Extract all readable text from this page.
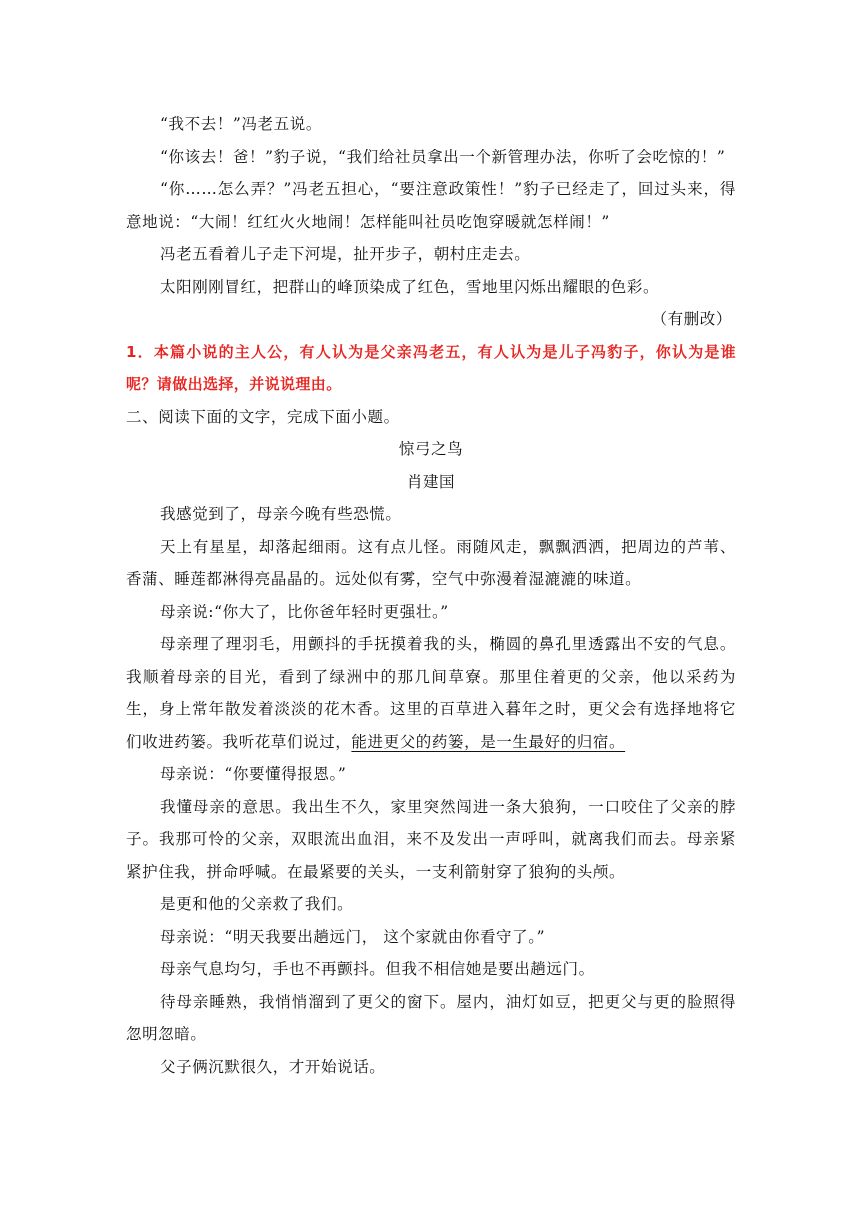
“我不去！”冯老五说。

“你该去！爸！”豹子说，“我们给社员拿出一个新管理办法，你听了会吃惊的！”

“你……怎么弄？”冯老五担心，“要注意政策性！”豹子已经走了，回过头来，得意地说：“大闹！红红火火地闹！怎样能叫社员吃饱穿暖就怎样闹！”

冯老五看着儿子走下河堤，扯开步子，朝村庄走去。

太阳刚刚冒红，把群山的峰顶染成了红色，雪地里闪烁出耀眼的色彩。

（有删改）

1．本篇小说的主人公，有人认为是父亲冯老五，有人认为是儿子冯豹子，你认为是谁呢？请做出选择，并说说理由。

二、阅读下面的文字，完成下面小题。

惊弓之鸟

肖建国

我感觉到了，母亲今晚有些恐慌。

天上有星星，却落起细雨。这有点儿怪。雨随风走，飘飘洒洒，把周边的芦苇、香蒲、睡莲都淋得亮晶晶的。远处似有雾，空气中弥漫着湿漉漉的味道。

母亲说:“你大了，比你爸年轻时更强壮。”

母亲理了理羽毛，用颤抖的手抚摸着我的头，椭圆的鼻孔里透露出不安的气息。我顺着母亲的目光，看到了绿洲中的那几间草寮。那里住着更的父亲，他以采药为生，身上常年散发着淡淡的花木香。这里的百草进入暮年之时，更父会有选择地将它们收进药篓。我听花草们说过，能进更父的药篓，是一生最好的归宿。

母亲说：“你要懂得报恩。”

我懂母亲的意思。我出生不久，家里突然闯进一条大狼狗，一口咬住了父亲的脖子。我那可怜的父亲，双眼流出血泪，来不及发出一声呼叫，就离我们而去。母亲紧紧护住我，拼命呼喊。在最紧要的关头，一支利箭射穿了狼狗的头颅。

是更和他的父亲救了我们。

母亲说：“明天我要出趟远门， 这个家就由你看守了。”

母亲气息均匀，手也不再颤抖。但我不相信她是要出趟远门。

待母亲睡熟，我悄悄溜到了更父的窗下。屋内，油灯如豆，把更父与更的脸照得忽明忽暗。

父子俩沉默很久，才开始说话。
